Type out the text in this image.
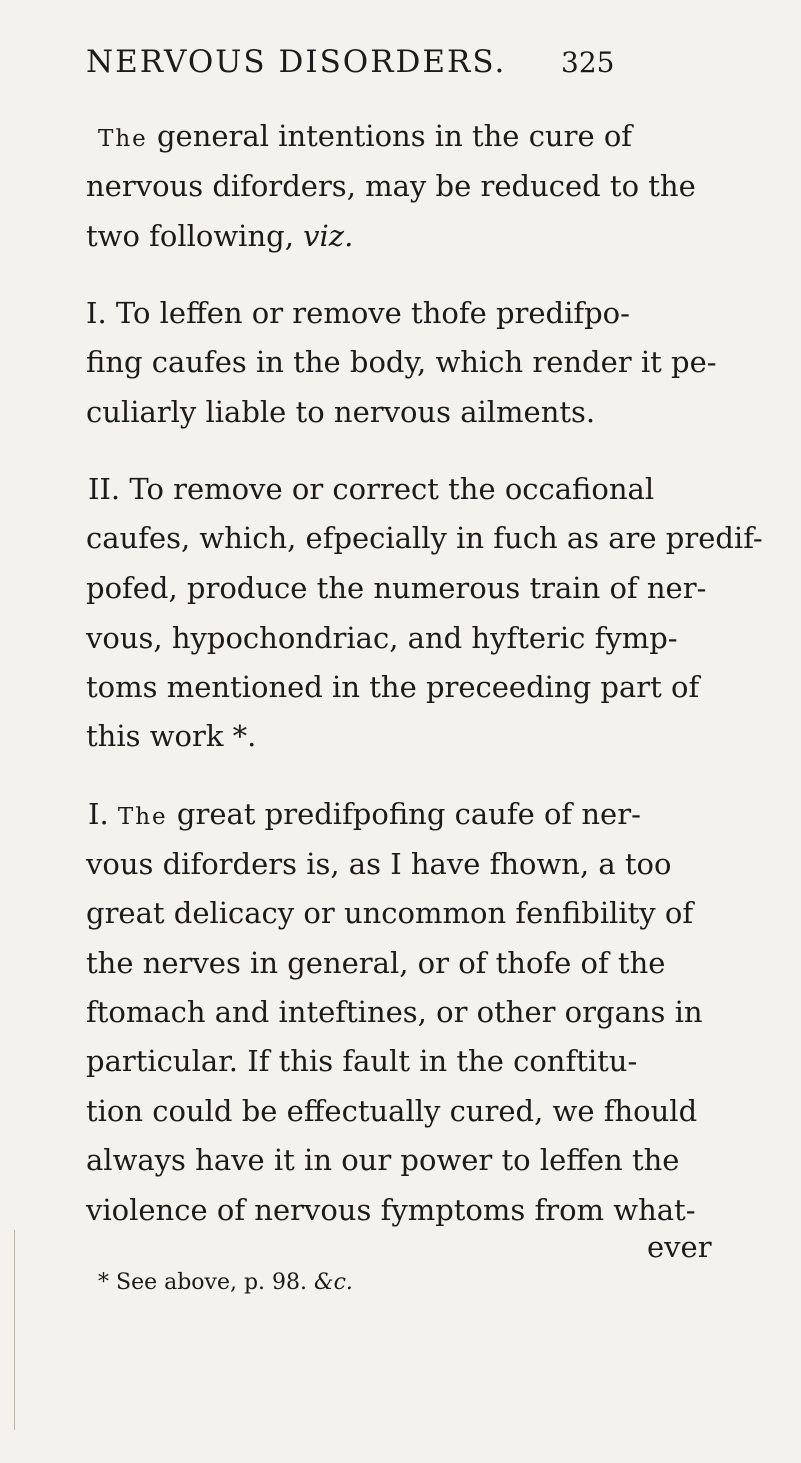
NERVOUS DISORDERS. 325
The general intentions in the cure of
nervous diforders, may be reduced to the
two following, viz.
I. To leffen or remove thofe predifpo-
fing caufes in the body, which render it pe-
culiarly liable to nervous ailments.
II. To remove or correct the occafional
caufes, which, efpecially in fuch as are predif-
pofed, produce the numerous train of ner-
vous, hypochondriac, and hyfteric fymp-
toms mentioned in the preceeding part of
this work *.
I. The great predifpofing caufe of ner-
vous diforders is, as I have fhown, a too
great delicacy or uncommon fenfibility of
the nerves in general, or of thofe of the
ftomach and inteftines, or other organs in
particular. If this fault in the conftitu-
tion could be effectually cured, we fhould
always have it in our power to leffen the
violence of nervous fymptoms from what-
ever
* See above, p. 98. &c.
